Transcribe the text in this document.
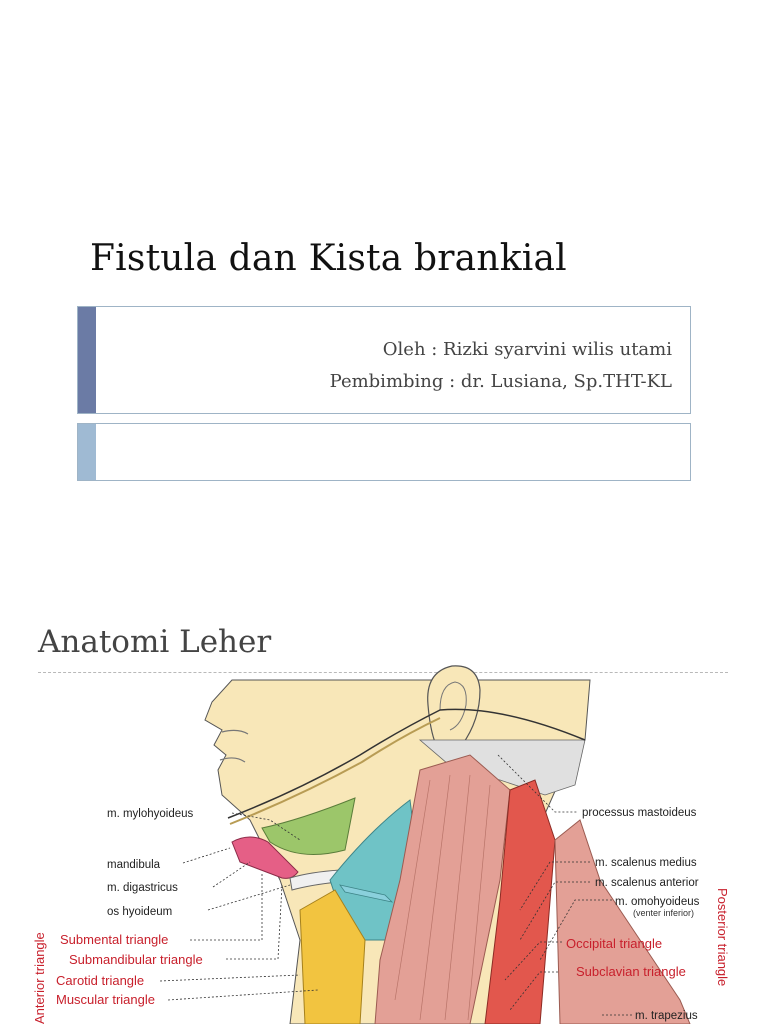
Fistula dan Kista brankial
Oleh : Rizki syarvini wilis utami
Pembimbing : dr. Lusiana, Sp.THT-KL
Anatomi Leher
m. mylohyoideus
mandibula
m. digastricus
os hyoideum
Submental triangle
Submandibular triangle
Carotid triangle
Muscular triangle
processus mastoideus
m. scalenus medius
m. scalenus anterior
m. omohyoideus
(venter inferior)
Occipital triangle
Subclavian triangle
m. trapezius
Anterior triangle	Posterior triangle
